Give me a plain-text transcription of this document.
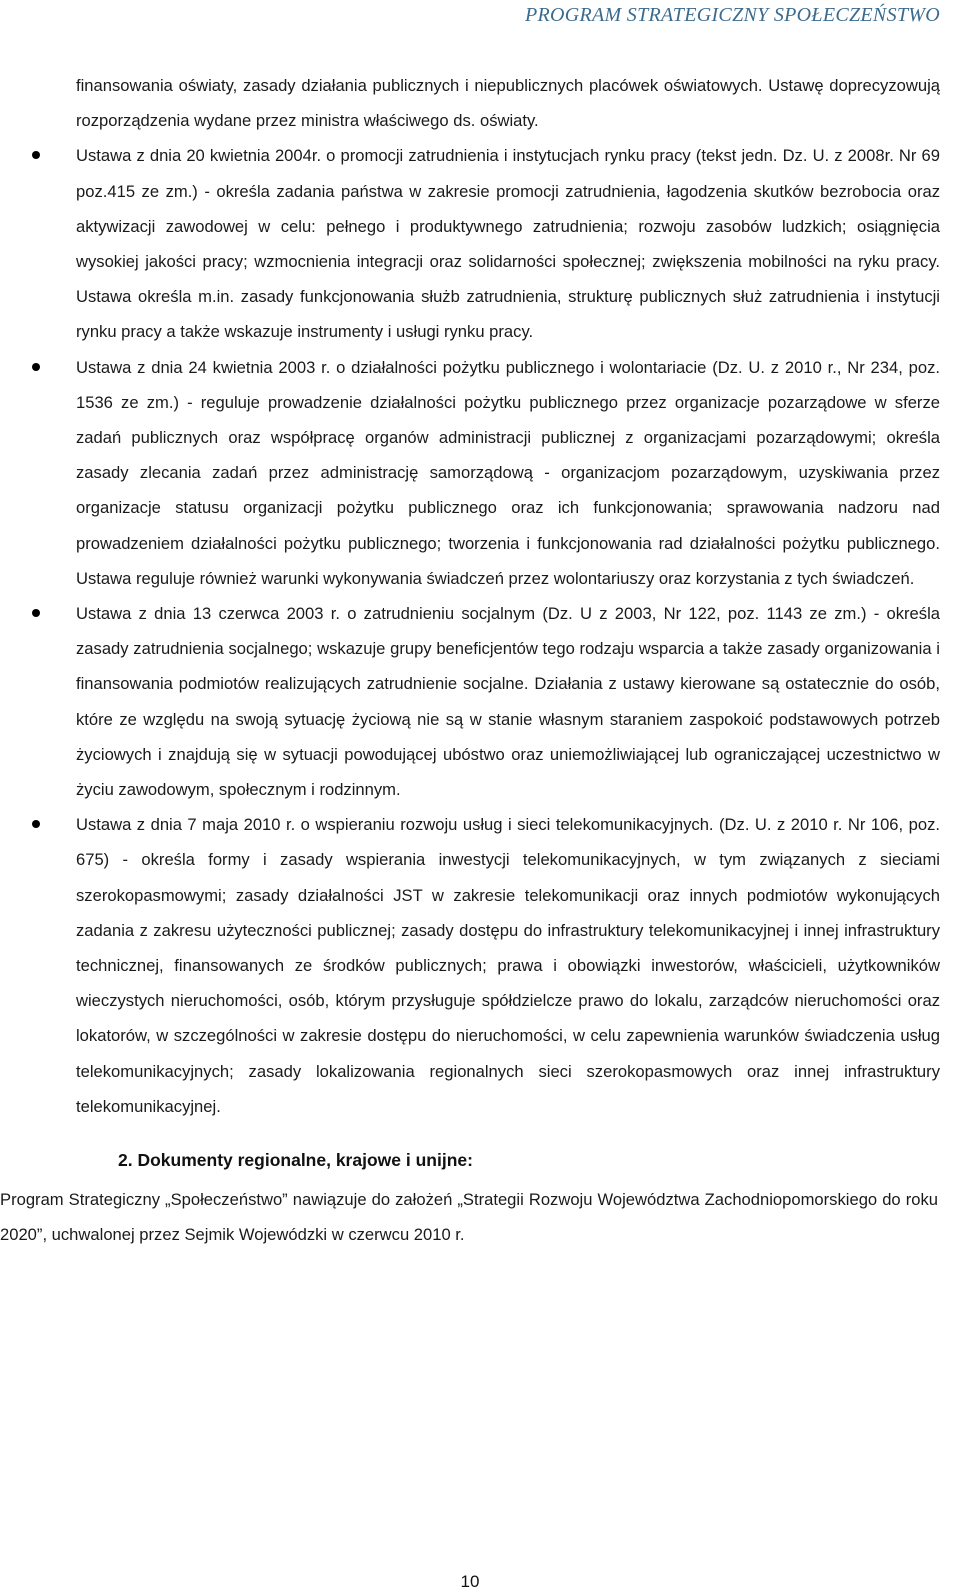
PROGRAM STRATEGICZNY SPOŁECZEŃSTWO

finansowania oświaty, zasady działania publicznych i niepublicznych placówek oświatowych. Ustawę doprecyzowują rozporządzenia wydane przez ministra właściwego ds. oświaty.

Ustawa z dnia 20 kwietnia 2004r. o promocji zatrudnienia i instytucjach rynku pracy (tekst jedn. Dz. U. z 2008r. Nr 69 poz.415 ze zm.) - określa zadania państwa w zakresie promocji zatrudnienia, łagodzenia skutków bezrobocia oraz aktywizacji zawodowej w celu: pełnego i produktywnego zatrudnienia; rozwoju zasobów ludzkich; osiągnięcia wysokiej jakości pracy; wzmocnienia integracji oraz solidarności społecznej; zwiększenia mobilności na ryku pracy. Ustawa określa m.in. zasady funkcjonowania służb zatrudnienia, strukturę publicznych służ zatrudnienia i instytucji rynku pracy a także wskazuje instrumenty i usługi rynku pracy.
Ustawa z dnia 24 kwietnia 2003 r. o działalności pożytku publicznego i wolontariacie (Dz. U. z 2010 r., Nr 234, poz. 1536 ze zm.) - reguluje prowadzenie działalności pożytku publicznego przez organizacje pozarządowe w sferze zadań publicznych oraz współpracę organów administracji publicznej z organizacjami pozarządowymi; określa zasady zlecania zadań przez administrację samorządową - organizacjom pozarządowym, uzyskiwania przez organizacje statusu organizacji pożytku publicznego oraz ich funkcjonowania; sprawowania nadzoru nad prowadzeniem działalności pożytku publicznego; tworzenia i funkcjonowania rad działalności pożytku publicznego. Ustawa reguluje również warunki wykonywania świadczeń przez wolontariuszy oraz korzystania z tych świadczeń.
Ustawa z dnia 13 czerwca 2003 r. o zatrudnieniu socjalnym (Dz. U z 2003, Nr 122, poz. 1143 ze zm.) - określa zasady zatrudnienia socjalnego; wskazuje grupy beneficjentów tego rodzaju wsparcia a także zasady organizowania i finansowania podmiotów realizujących zatrudnienie socjalne. Działania z ustawy kierowane są ostatecznie do osób, które ze względu na swoją sytuację życiową nie są w stanie własnym staraniem zaspokoić podstawowych potrzeb życiowych i znajdują się w sytuacji powodującej ubóstwo oraz uniemożliwiającej lub ograniczającej uczestnictwo w życiu zawodowym, społecznym i rodzinnym.
Ustawa z dnia 7 maja 2010 r. o wspieraniu rozwoju usług i sieci telekomunikacyjnych. (Dz. U. z 2010 r. Nr 106, poz. 675) - określa formy i zasady wspierania inwestycji telekomunikacyjnych, w tym związanych z sieciami szerokopasmowymi; zasady działalności JST w zakresie telekomunikacji oraz innych podmiotów wykonujących zadania z zakresu użyteczności publicznej; zasady dostępu do infrastruktury telekomunikacyjnej i innej infrastruktury technicznej, finansowanych ze środków publicznych; prawa i obowiązki inwestorów, właścicieli, użytkowników wieczystych nieruchomości, osób, którym przysługuje spółdzielcze prawo do lokalu, zarządców nieruchomości oraz lokatorów, w szczególności w zakresie dostępu do nieruchomości, w celu zapewnienia warunków świadczenia usług telekomunikacyjnych; zasady lokalizowania regionalnych sieci szerokopasmowych oraz innej infrastruktury telekomunikacyjnej.
2. Dokumenty regionalne, krajowe i unijne:

Program Strategiczny „Społeczeństwo” nawiązuje do założeń „Strategii Rozwoju Województwa Zachodniopomorskiego do roku 2020”, uchwalonej przez Sejmik Wojewódzki w czerwcu 2010 r.

10
